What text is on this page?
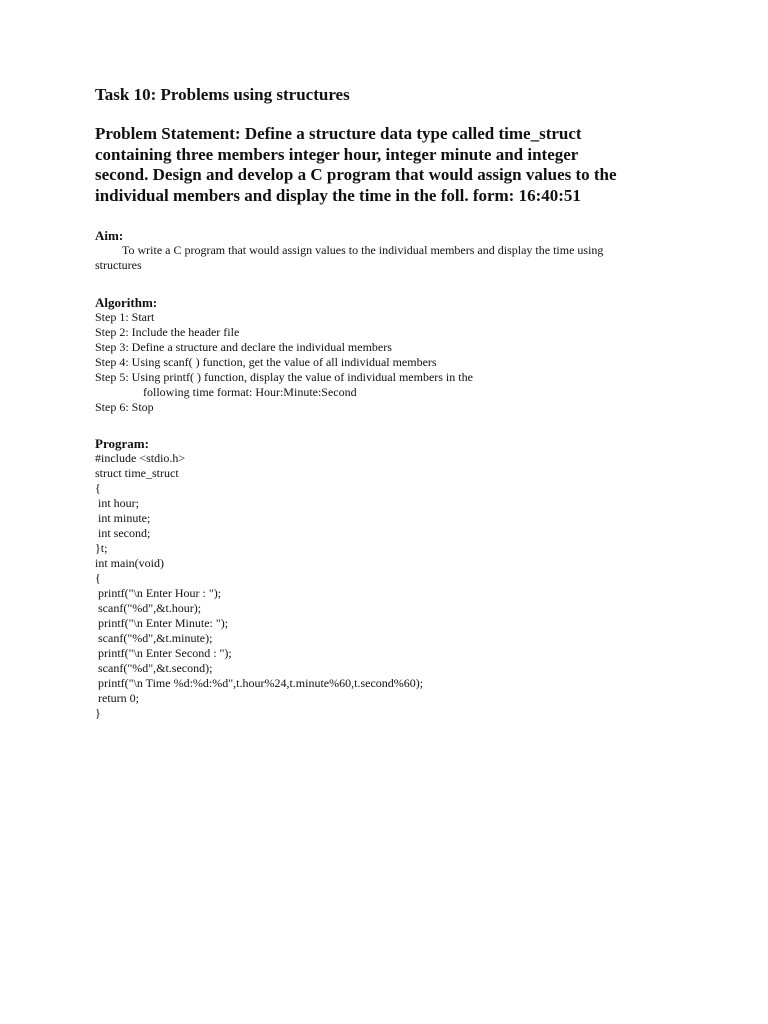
Task 10: Problems using structures
Problem Statement: Define a structure data type called time_struct
containing three members integer hour, integer minute and integer
second. Design and develop a C program that would assign values to the
individual members and display the time in the foll. form: 16:40:51
Aim:
To write a C program that would assign values to the individual members and display the time using
structures
Algorithm:
Step 1: Start
Step 2: Include the header file
Step 3: Define a structure and declare the individual members
Step 4: Using scanf( ) function, get the value of all individual members
Step 5: Using printf( ) function, display the value of individual members in the
following time format: Hour:Minute:Second
Step 6: Stop
Program:
#include <stdio.h>
struct time_struct
{
int hour;
int minute;
int second;
}t;
int main(void)
{
printf("\n Enter Hour : ");
scanf("%d",&t.hour);
printf("\n Enter Minute: ");
scanf("%d",&t.minute);
printf("\n Enter Second : ");
scanf("%d",&t.second);
printf("\n Time %d:%d:%d",t.hour%24,t.minute%60,t.second%60);
return 0;
}
